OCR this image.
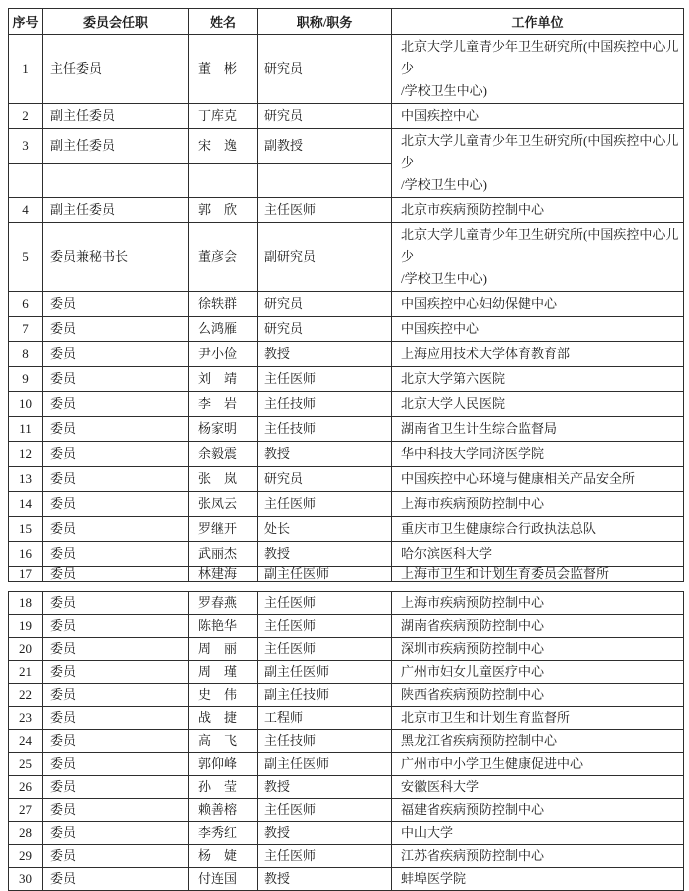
序号	委员会任职	姓名	职称/职务	工作单位
1	主任委员	董　彬	研究员	北京大学儿童青少年卫生研究所(中国疾控中心儿少
/学校卫生中心)
2	副主任委员	丁库克	研究员	中国疾控中心
3	副主任委员	宋　逸	副教授	北京大学儿童青少年卫生研究所(中国疾控中心儿少
/学校卫生中心)

4	副主任委员	郭　欣	主任医师	北京市疾病预防控制中心
5	委员兼秘书长	董彦会	副研究员	北京大学儿童青少年卫生研究所(中国疾控中心儿少
/学校卫生中心)
6	委员	徐轶群	研究员	中国疾控中心妇幼保健中心
7	委员	么鸿雁	研究员	中国疾控中心
8	委员	尹小俭	教授	上海应用技术大学体育教育部
9	委员	刘　靖	主任医师	北京大学第六医院
10	委员	李　岩	主任技师	北京大学人民医院
11	委员	杨家明	主任技师	湖南省卫生计生综合监督局
12	委员	余毅震	教授	华中科技大学同济医学院
13	委员	张　岚	研究员	中国疾控中心环境与健康相关产品安全所
14	委员	张凤云	主任医师	上海市疾病预防控制中心
15	委员	罗继开	处长	重庆市卫生健康综合行政执法总队
16	委员	武丽杰	教授	哈尔滨医科大学
17	委员	林建海	副主任医师	上海市卫生和计划生育委员会监督所
18	委员	罗春燕	主任医师	上海市疾病预防控制中心
19	委员	陈艳华	主任医师	湖南省疾病预防控制中心
20	委员	周　丽	主任医师	深圳市疾病预防控制中心
21	委员	周　瑾	副主任医师	广州市妇女儿童医疗中心
22	委员	史　伟	副主任技师	陕西省疾病预防控制中心
23	委员	战　捷	工程师	北京市卫生和计划生育监督所
24	委员	高　飞	主任技师	黑龙江省疾病预防控制中心
25	委员	郭仰峰	副主任医师	广州市中小学卫生健康促进中心
26	委员	孙　莹	教授	安徽医科大学
27	委员	赖善榕	主任医师	福建省疾病预防控制中心
28	委员	李秀红	教授	中山大学
29	委员	杨　婕	主任医师	江苏省疾病预防控制中心
30	委员	付连国	教授	蚌埠医学院
